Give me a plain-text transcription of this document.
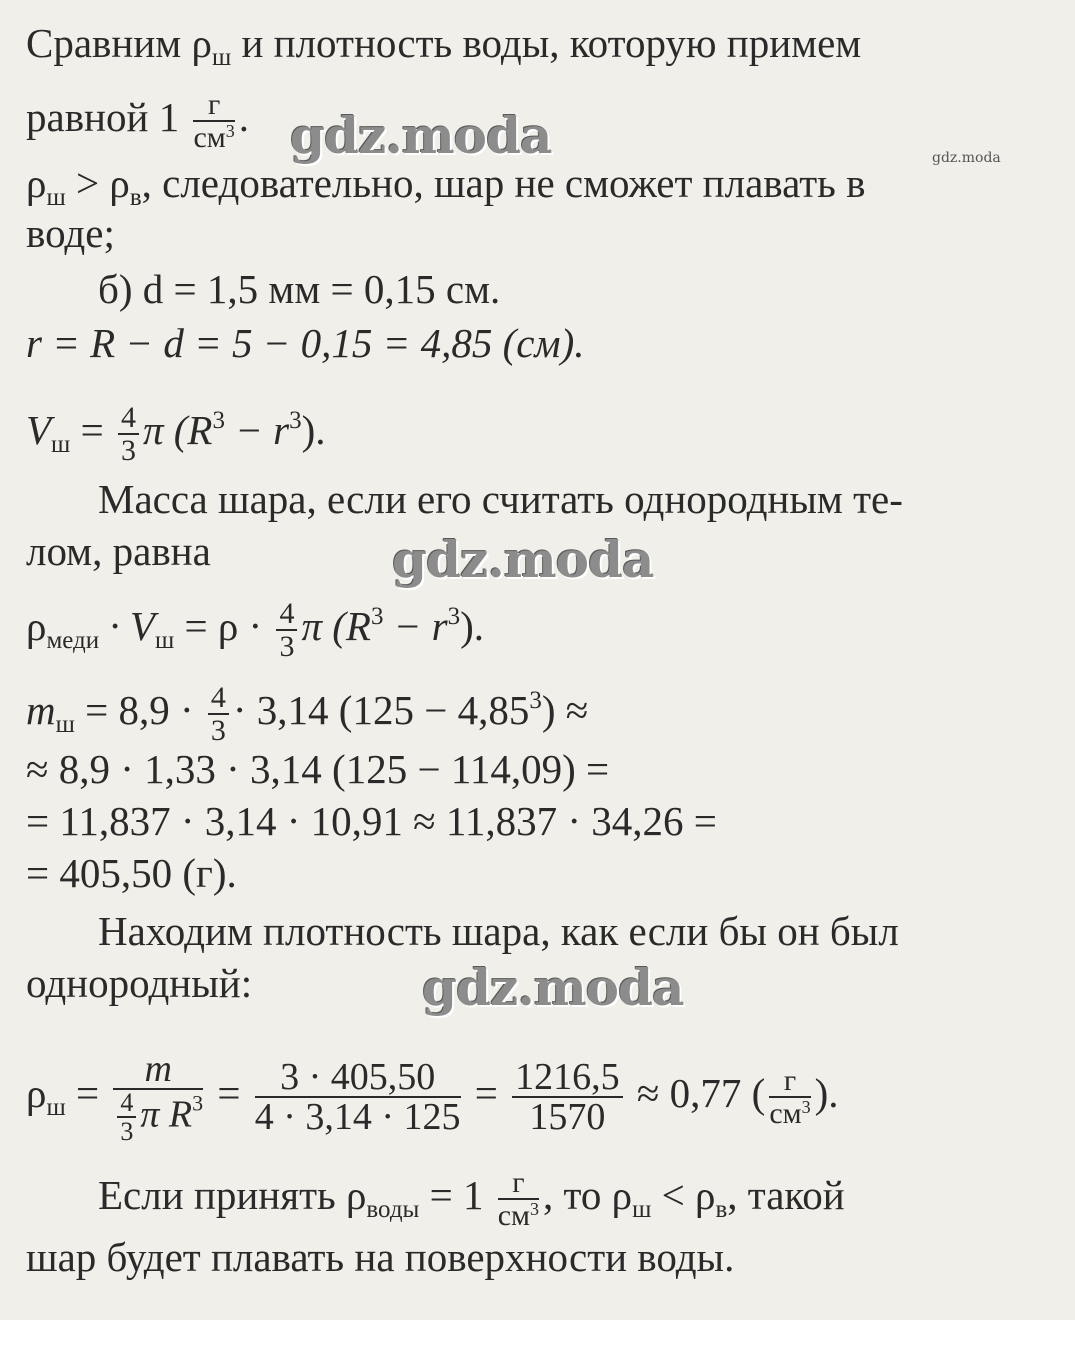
Сравним $\rho_ш$ и плотность воды, которую примем
равной $1 \frac{г}{см^3}$ .
$\rho_ш > \rho_в$, следовательно, шар не сможет плавать в
воде;
б) d = 1,5 мм = 0,15 см.
r = R − d = 5 − 0,15 = 4,85 (см).
$V_ш = \frac{4}{3}$ π $(R^3 - r^3)$.
Масса шара, если его считать однородным те-
лом, равна
$\rho_{меди} \cdot V_ш = \rho \cdot \frac{4}{3}$ π $(R^3 - r^3)$.
$m_ш = 8,9 \cdot \frac{4}{3} \cdot 3,14$ $(125 - 4,85^3)$ ≈
≈ 8,9 · 1,33 · 3,14 (125 − 114,09) =
= 11,837 · 3,14 · 10,91 ≈ 11,837 · 34,26 =
= 405,50 (г).
Находим плотность шара, как если бы он был
однородный:
$\rho_ш = \frac{m}{\frac{4}{3} \pi R^3} = \frac{3 \cdot 405,50}{4 \cdot 3,14 \cdot 125} = \frac{1216,5}{1570} \approx 0,77$ ( $\frac{г}{см^3}$ ).
Если принять $\rho_{воды} = 1 \frac{г}{см^3}$ , то $\rho_ш < \rho_в$, такой
шар будет плавать на поверхности воды.
gdz.moda	gdz.moda
gdz.moda
gdz.moda
